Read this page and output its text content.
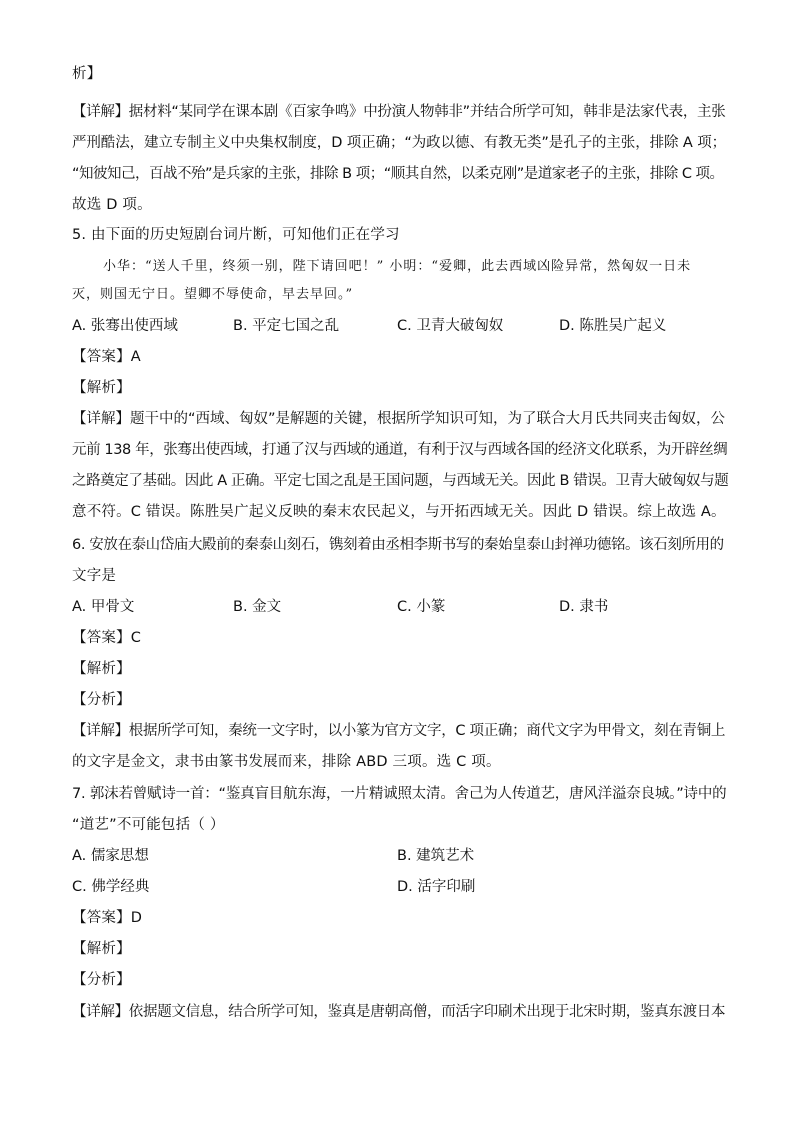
析】
【详解】据材料“某同学在课本剧《百家争鸣》中扮演人物韩非”并结合所学可知，韩非是法家代表，主张
严刑酷法，建立专制主义中央集权制度，D 项正确；“为政以德、有教无类”是孔子的主张，排除 A 项；
“知彼知己，百战不殆”是兵家的主张，排除 B 项；“顺其自然，以柔克刚”是道家老子的主张，排除 C 项。
故选 D 项。
5. 由下面的历史短剧台词片断，可知他们正在学习
小华：“送人千里，终须一别，陛下请回吧！” 小明：“爱卿，此去西域凶险异常，然匈奴一日未
灭，则国无宁日。望卿不辱使命，早去早回。”
A. 张骞出使西域	B. 平定七国之乱	C. 卫青大破匈奴	D. 陈胜吴广起义
【答案】A
【解析】
【详解】题干中的“西域、匈奴”是解题的关键，根据所学知识可知，为了联合大月氏共同夹击匈奴，公
元前 138 年，张骞出使西域，打通了汉与西域的通道，有利于汉与西域各国的经济文化联系，为开辟丝绸
之路奠定了基础。因此 A 正确。平定七国之乱是王国问题，与西域无关。因此 B 错误。卫青大破匈奴与题
意不符。C 错误。陈胜吴广起义反映的秦末农民起义，与开拓西域无关。因此 D 错误。综上故选 A。
6. 安放在泰山岱庙大殿前的秦泰山刻石，镌刻着由丞相李斯书写的秦始皇泰山封禅功德铭。该石刻所用的
文字是
A. 甲骨文	B. 金文	C. 小篆	D. 隶书
【答案】C
【解析】
【分析】
【详解】根据所学可知，秦统一文字时，以小篆为官方文字，C 项正确；商代文字为甲骨文，刻在青铜上
的文字是金文，隶书由篆书发展而来，排除 ABD 三项。选 C 项。
7. 郭沫若曾赋诗一首：“鉴真盲目航东海，一片精诚照太清。舍己为人传道艺，唐风洋溢奈良城。”诗中的
“道艺”不可能包括（ ）
A. 儒家思想	B. 建筑艺术
C. 佛学经典	D. 活字印刷
【答案】D
【解析】
【分析】
【详解】依据题文信息，结合所学可知，鉴真是唐朝高僧，而活字印刷术出现于北宋时期，鉴真东渡日本
